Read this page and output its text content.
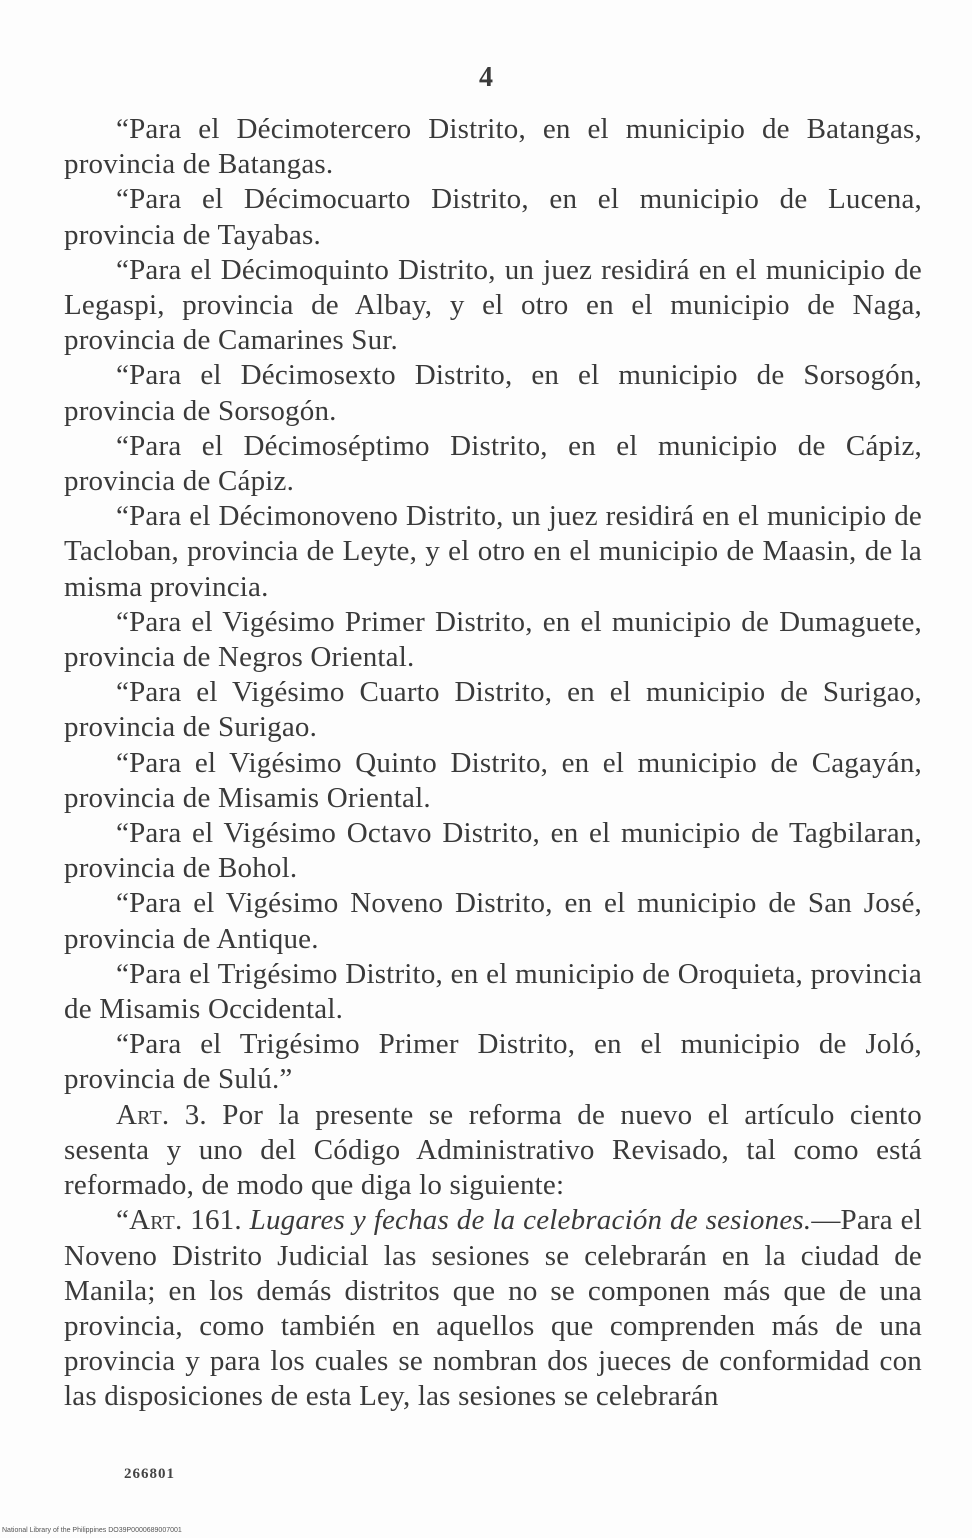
4

“Para el Décimotercero Distrito, en el municipio de Batangas, provincia de Batangas.

“Para el Décimocuarto Distrito, en el municipio de Lucena, provincia de Tayabas.

“Para el Décimoquinto Distrito, un juez residirá en el municipio de Legaspi, provincia de Albay, y el otro en el municipio de Naga, provincia de Camarines Sur.

“Para el Décimosexto Distrito, en el municipio de Sorsogón, provincia de Sorsogón.

“Para el Décimoséptimo Distrito, en el municipio de Cápiz, provincia de Cápiz.

“Para el Décimonoveno Distrito, un juez residirá en el municipio de Tacloban, provincia de Leyte, y el otro en el municipio de Maasin, de la misma provincia.

“Para el Vigésimo Primer Distrito, en el municipio de Dumaguete, provincia de Negros Oriental.

“Para el Vigésimo Cuarto Distrito, en el municipio de Surigao, provincia de Surigao.

“Para el Vigésimo Quinto Distrito, en el municipio de Cagayán, provincia de Misamis Oriental.

“Para el Vigésimo Octavo Distrito, en el municipio de Tagbilaran, provincia de Bohol.

“Para el Vigésimo Noveno Distrito, en el municipio de San José, provincia de Antique.

“Para el Trigésimo Distrito, en el municipio de Oroquieta, provincia de Misamis Occidental.

“Para el Trigésimo Primer Distrito, en el municipio de Joló, provincia de Sulú.”

Art. 3. Por la presente se reforma de nuevo el artículo ciento sesenta y uno del Código Administrativo Revisado, tal como está reformado, de modo que diga lo siguiente:

“Art. 161. Lugares y fechas de la celebración de sesiones.—Para el Noveno Distrito Judicial las sesiones se celebrarán en la ciudad de Manila; en los demás distritos que no se componen más que de una provincia, como también en aquellos que comprenden más de una provincia y para los cuales se nombran dos jueces de conformidad con las disposiciones de esta Ley, las sesiones se celebrarán

266801
National Library of the Philippines DO39P0000689007001
